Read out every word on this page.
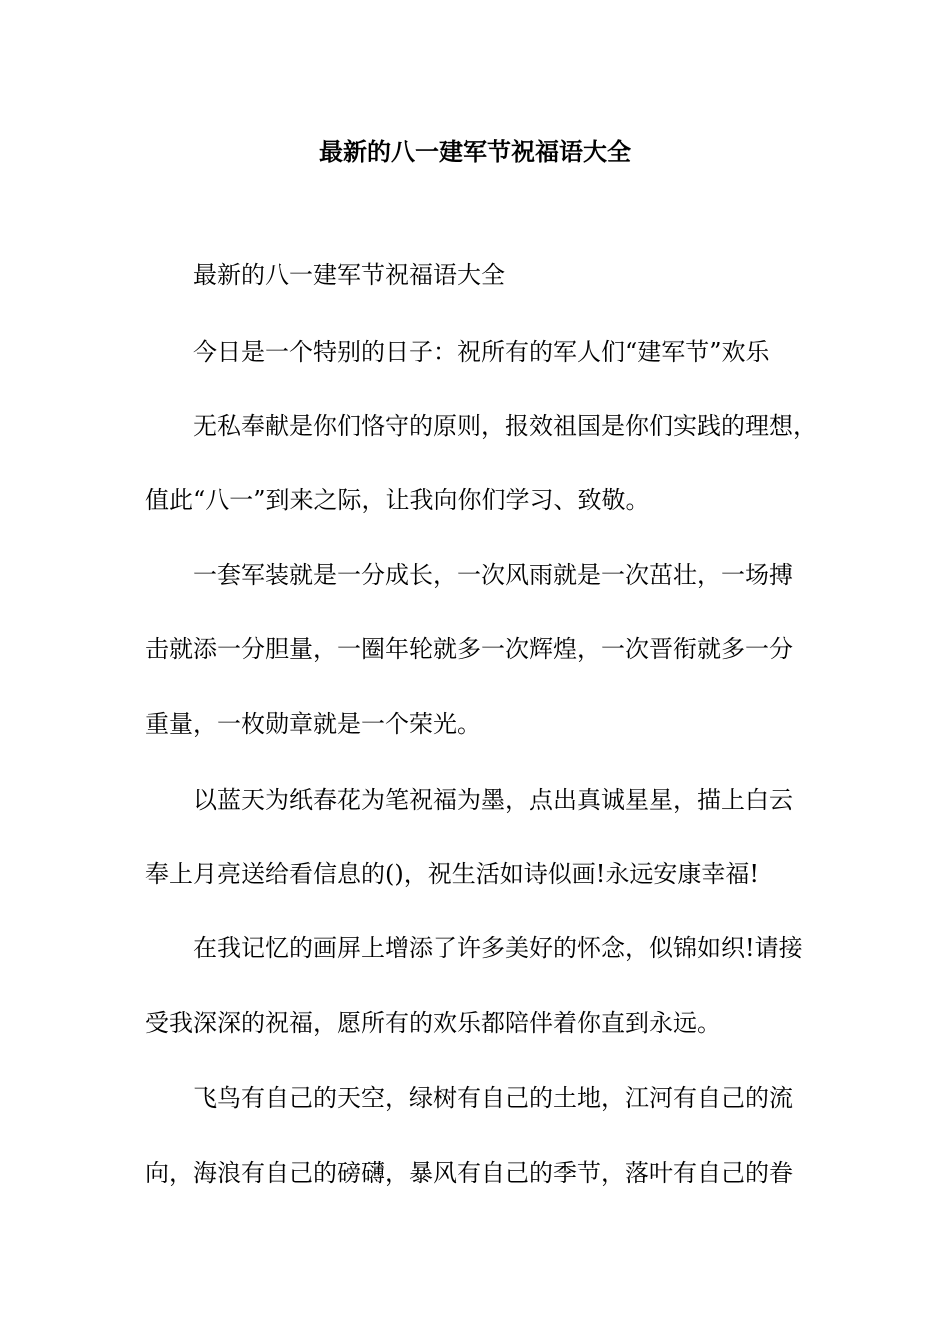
最新的八一建军节祝福语大全

最新的八一建军节祝福语大全

今日是一个特别的日子：祝所有的军人们“建军节”欢乐

无私奉献是你们恪守的原则，报效祖国是你们实践的理想，

值此“八一”到来之际，让我向你们学习、致敬。

一套军装就是一分成长，一次风雨就是一次茁壮，一场搏

击就添一分胆量，一圈年轮就多一次辉煌，一次晋衔就多一分

重量，一枚勋章就是一个荣光。

以蓝天为纸春花为笔祝福为墨，点出真诚星星，描上白云

奉上月亮送给看信息的()，祝生活如诗似画!永远安康幸福!

在我记忆的画屏上增添了许多美好的怀念，似锦如织!请接

受我深深的祝福，愿所有的欢乐都陪伴着你直到永远。

飞鸟有自己的天空，绿树有自己的土地，江河有自己的流

向，海浪有自己的磅礴，暴风有自己的季节，落叶有自己的眷
